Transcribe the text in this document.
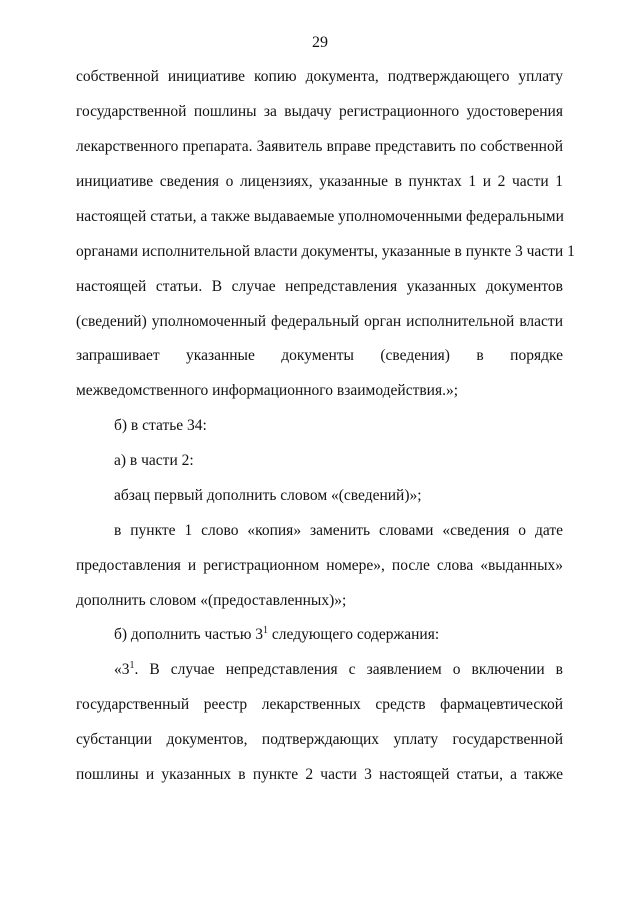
29
собственной инициативе копию документа, подтверждающего уплату
государственной пошлины за выдачу регистрационного удостоверения
лекарственного препарата. Заявитель вправе представить по собственной
инициативе сведения о лицензиях, указанные в пунктах 1 и 2 части 1
настоящей статьи, а также выдаваемые уполномоченными федеральными
органами исполнительной власти документы, указанные в пункте 3 части 1
настоящей статьи. В случае непредставления указанных документов
(сведений) уполномоченный федеральный орган исполнительной власти
запрашивает указанные документы (сведения) в порядке
межведомственного информационного взаимодействия.»;
б) в статье 34:
а) в части 2:
абзац первый дополнить словом «(сведений)»;
в пункте 1 слово «копия» заменить словами «сведения о дате
предоставления и регистрационном номере», после слова «выданных»
дополнить словом «(предоставленных)»;
б) дополнить частью $3^1$ следующего содержания:
«$3^1$. В случае непредставления с заявлением о включении в
государственный реестр лекарственных средств фармацевтической
субстанции документов, подтверждающих уплату государственной
пошлины и указанных в пункте 2 части 3 настоящей статьи, а также
